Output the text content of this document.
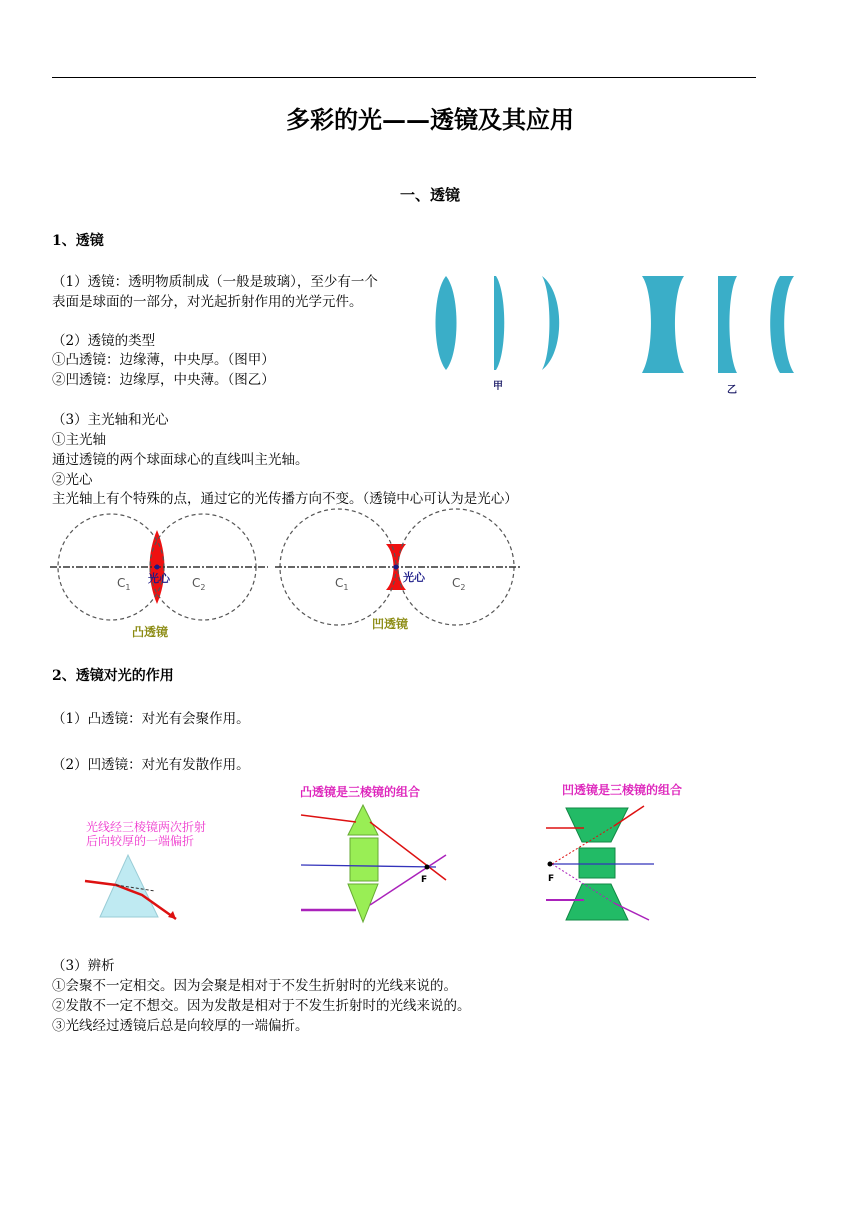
多彩的光——透镜及其应用
一、透镜
1、透镜
（1）透镜：透明物质制成（一般是玻璃），至少有一个
表面是球面的一部分，对光起折射作用的光学元件。
（2）透镜的类型
①凸透镜：边缘薄，中央厚。（图甲）
②凹透镜：边缘厚，中央薄。（图乙）
（3）主光轴和光心
①主光轴
通过透镜的两个球面球心的直线叫主光轴。
②光心
主光轴上有个特殊的点，通过它的光传播方向不变。（透镜中心可认为是光心）
甲	乙
$C_1$	$C_2$
光心
凸透镜
$C_1$	$C_2$
光心
凹透镜
2、透镜对光的作用
（1）凸透镜：对光有会聚作用。
（2）凹透镜：对光有发散作用。
光线经三棱镜两次折射
后向较厚的一端偏折
凸透镜是三棱镜的组合
F
凹透镜是三棱镜的组合
F
（3）辨析
①会聚不一定相交。因为会聚是相对于不发生折射时的光线来说的。
②发散不一定不想交。因为发散是相对于不发生折射时的光线来说的。
③光线经过透镜后总是向较厚的一端偏折。
